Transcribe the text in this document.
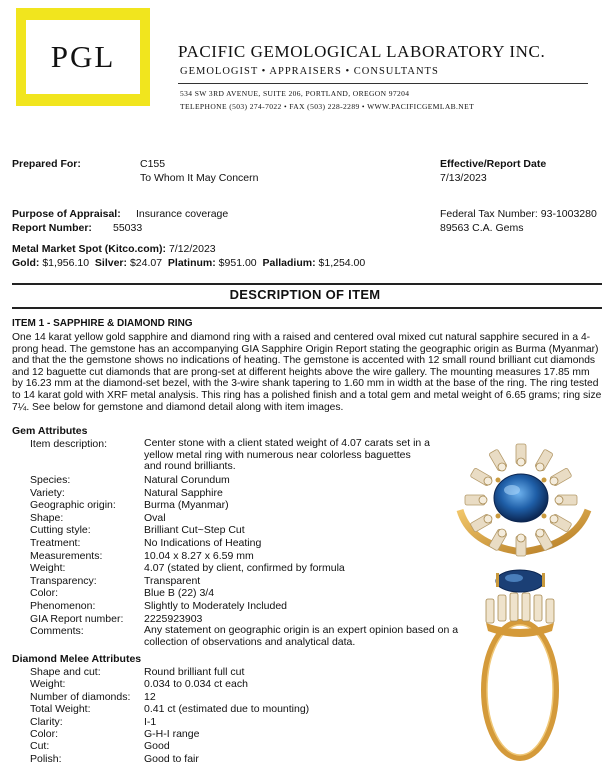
PGL	PACIFIC GEMOLOGICAL LABORATORY INC.
GEMOLOGIST • APPRAISERS • CONSULTANTS
534 SW 3RD AVENUE, SUITE 206, PORTLAND, OREGON 97204
TELEPHONE (503) 274-7022 • FAX (503) 228-2289 • WWW.PACIFICGEMLAB.NET
Prepared For:	C155
To Whom It May Concern
Effective/Report Date
7/13/2023
Purpose of Appraisal: Insurance coverage
Report Number: 55033
Federal Tax Number: 93-1003280
89563 C.A. Gems
Metal Market Spot (Kitco.com): 7/12/2023
Gold: $1,956.10 Silver: $24.07 Platinum: $951.00 Palladium: $1,254.00
DESCRIPTION OF ITEM
ITEM 1 - SAPPHIRE & DIAMOND RING
One 14 karat yellow gold sapphire and diamond ring with a raised and centered oval mixed cut natural sapphire secured in a 4-prong head. The gemstone has an accompanying GIA Sapphire Origin Report stating the geographic origin as Burma (Myanmar) and that the the gemstone shows no indications of heating. The gemstone is accented with 12 small round brilliant cut diamonds and 12 baguette cut diamonds that are prong-set at different heights above the wire gallery. The mounting measures 17.85 mm by 16.23 mm at the diamond-set bezel, with the 3-wire shank tapering to 1.60 mm in width at the base of the ring. The ring tested to 14 karat gold with XRF metal analysis. This ring has a polished finish and a total gem and metal weight of 6.65 grams; ring size 7¼. See below for gemstone and diamond detail along with item images.
Gem Attributes
Item description:	Center stone with a client stated weight of 4.07 carats set in a
yellow metal ring with numerous near colorless baguettes
and round brilliants.
Species:	Natural Corundum
Variety:	Natural Sapphire
Geographic origin:	Burma (Myanmar)
Shape:	Oval
Cutting style:	Brilliant Cut~Step Cut
Treatment:	No Indications of Heating
Measurements:	10.04 x 8.27 x 6.59 mm
Weight:	4.07 (stated by client, confirmed by formula
Transparency:	Transparent
Color:	Blue B (22) 3/4
Phenomenon:	Slightly to Moderately Included
GIA Report number: 2225923903
Comments:	Any statement on geographic origin is an expert opinion based on a
collection of observations and analytical data.
Diamond Melee Attributes
Shape and cut:	Round brilliant full cut
Weight:	0.034 to 0.034 ct each
Number of diamonds: 12
Total Weight:	0.41 ct (estimated due to mounting)
Clarity:	I-1
Color:	G-H-I range
Cut:	Good
Polish:	Good to fair
